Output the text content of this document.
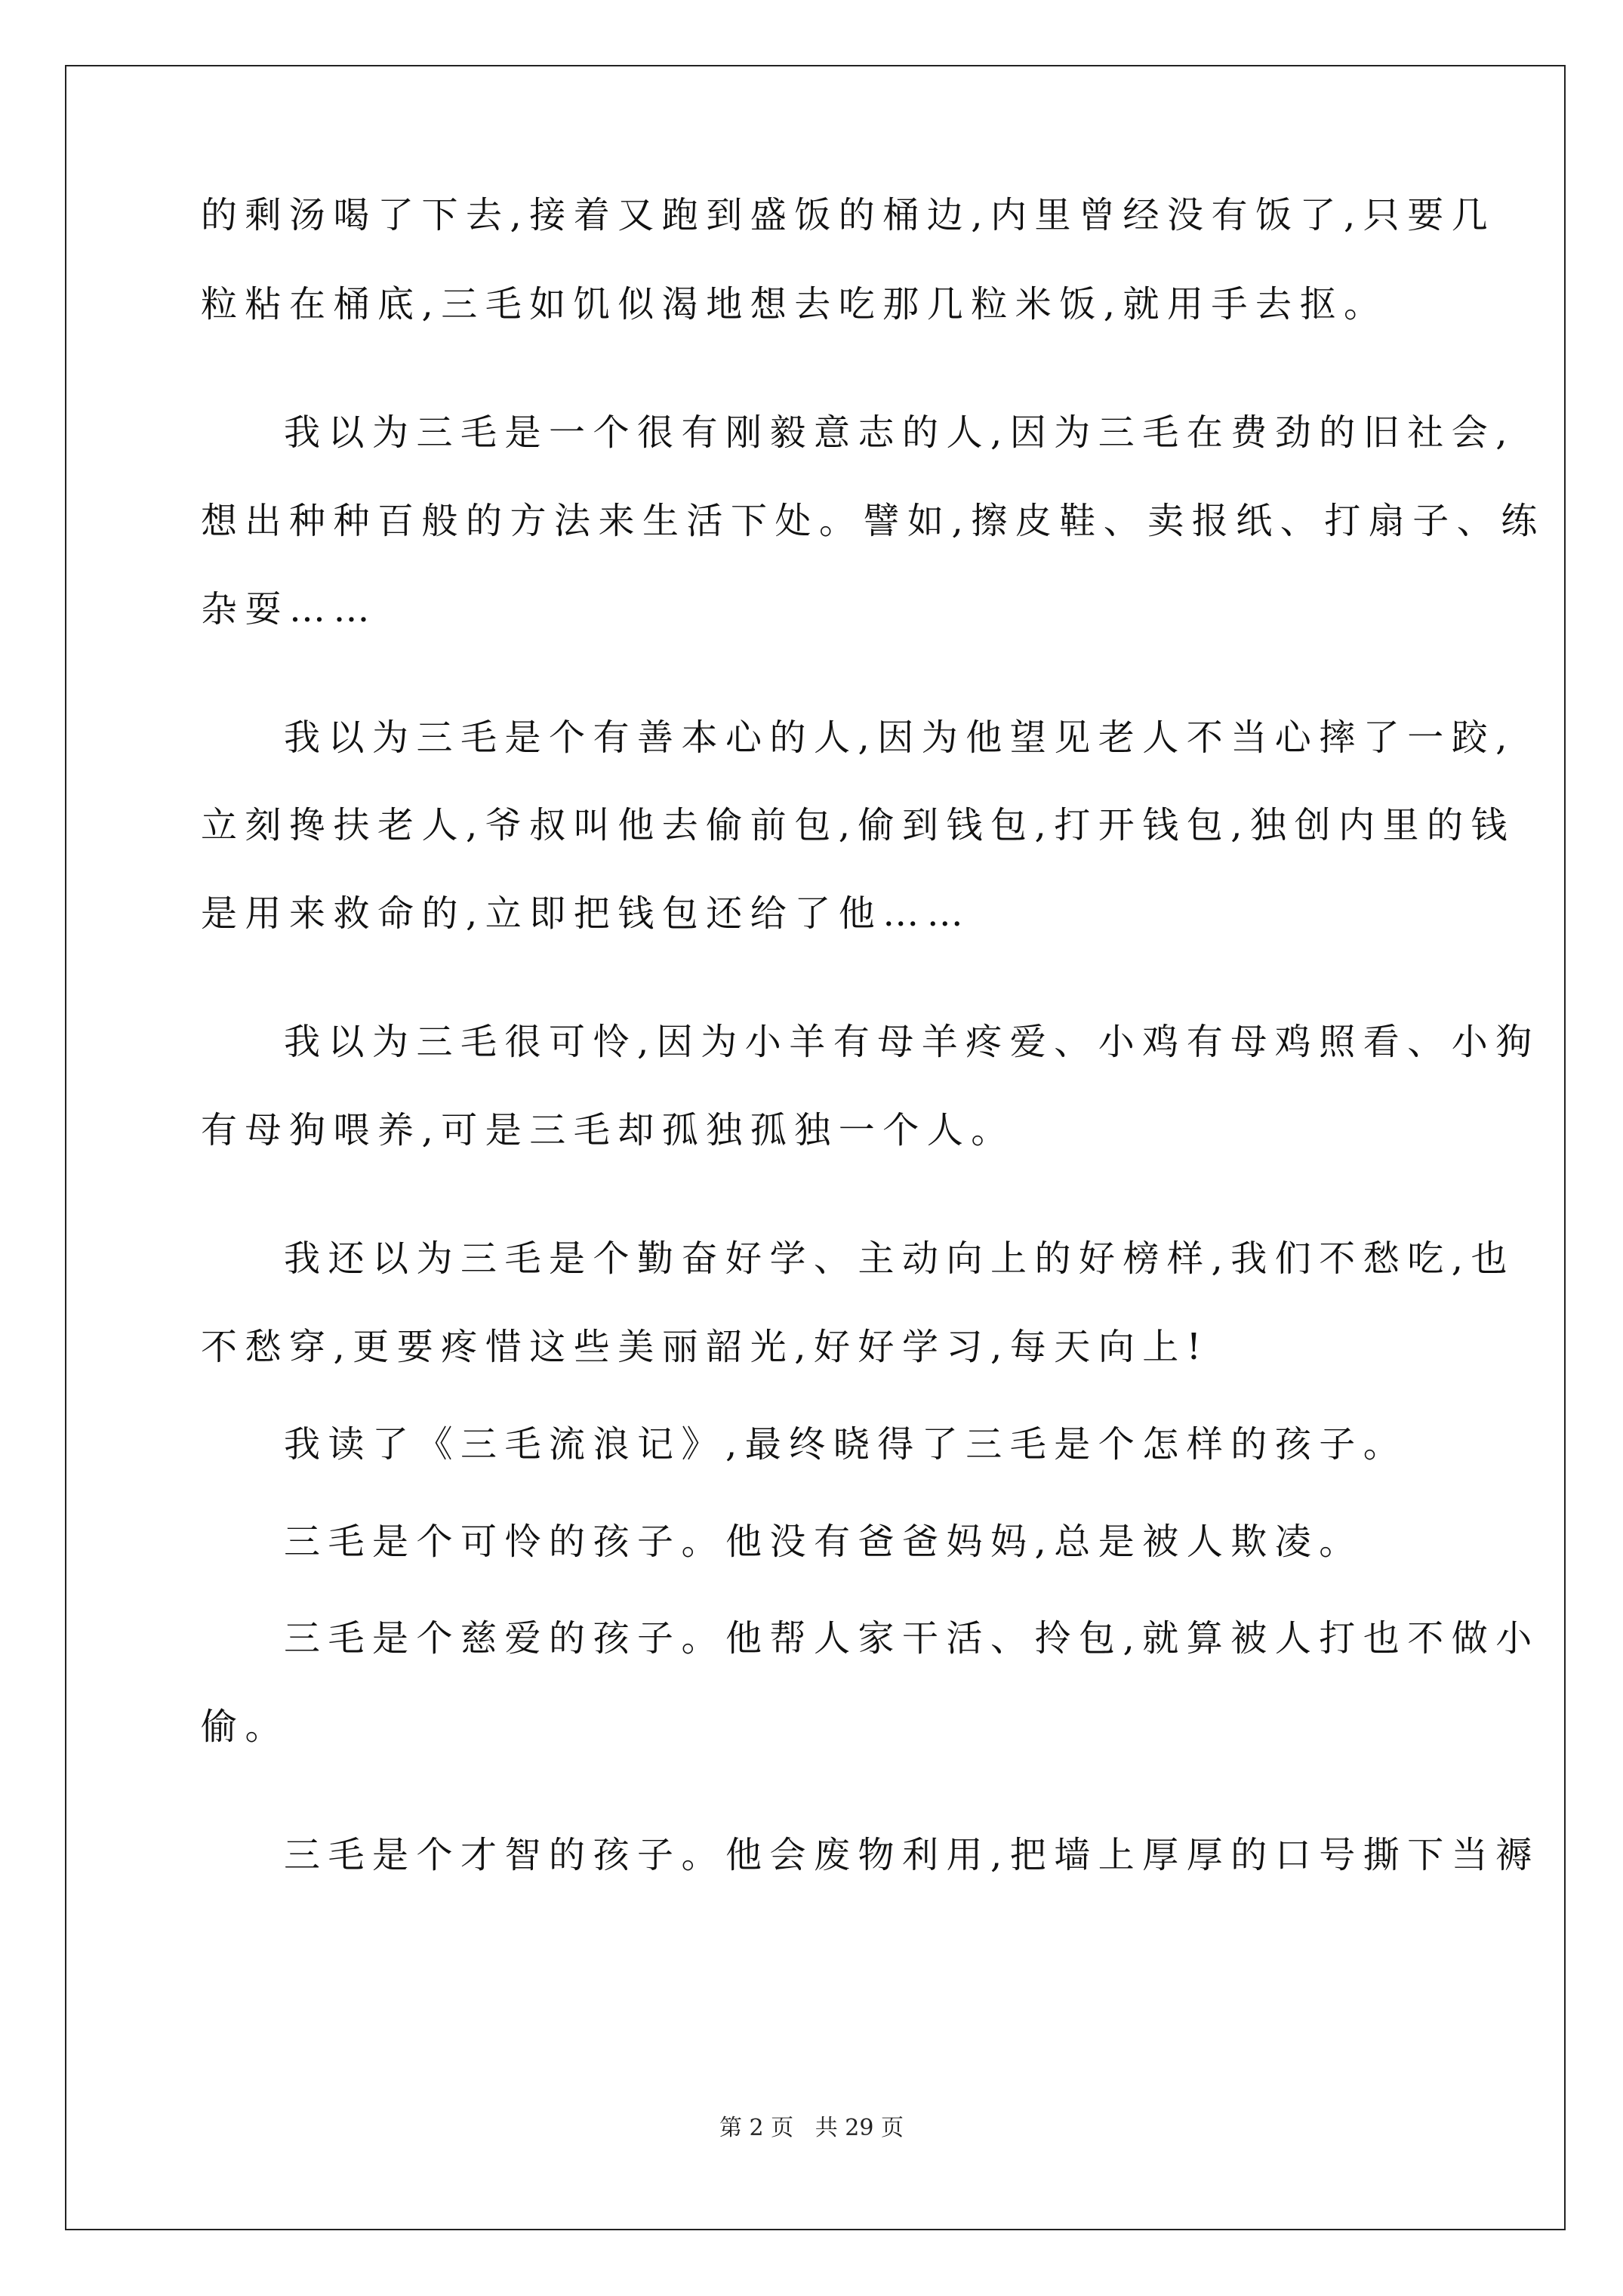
的剩汤喝了下去,接着又跑到盛饭的桶边,内里曾经没有饭了,只要几
粒粘在桶底,三毛如饥似渴地想去吃那几粒米饭,就用手去抠。
我以为三毛是一个很有刚毅意志的人,因为三毛在费劲的旧社会,
想出种种百般的方法来生活下处。譬如,擦皮鞋、卖报纸、打扇子、练
杂耍……
我以为三毛是个有善本心的人,因为他望见老人不当心摔了一跤,
立刻搀扶老人,爷叔叫他去偷前包,偷到钱包,打开钱包,独创内里的钱
是用来救命的,立即把钱包还给了他……
我以为三毛很可怜,因为小羊有母羊疼爱、小鸡有母鸡照看、小狗
有母狗喂养,可是三毛却孤独孤独一个人。
我还以为三毛是个勤奋好学、主动向上的好榜样,我们不愁吃,也
不愁穿,更要疼惜这些美丽韶光,好好学习,每天向上!
我读了《三毛流浪记》,最终晓得了三毛是个怎样的孩子。
三毛是个可怜的孩子。他没有爸爸妈妈,总是被人欺凌。
三毛是个慈爱的孩子。他帮人家干活、拎包,就算被人打也不做小
偷。
三毛是个才智的孩子。他会废物利用,把墙上厚厚的口号撕下当褥
第 2 页   共 29 页
